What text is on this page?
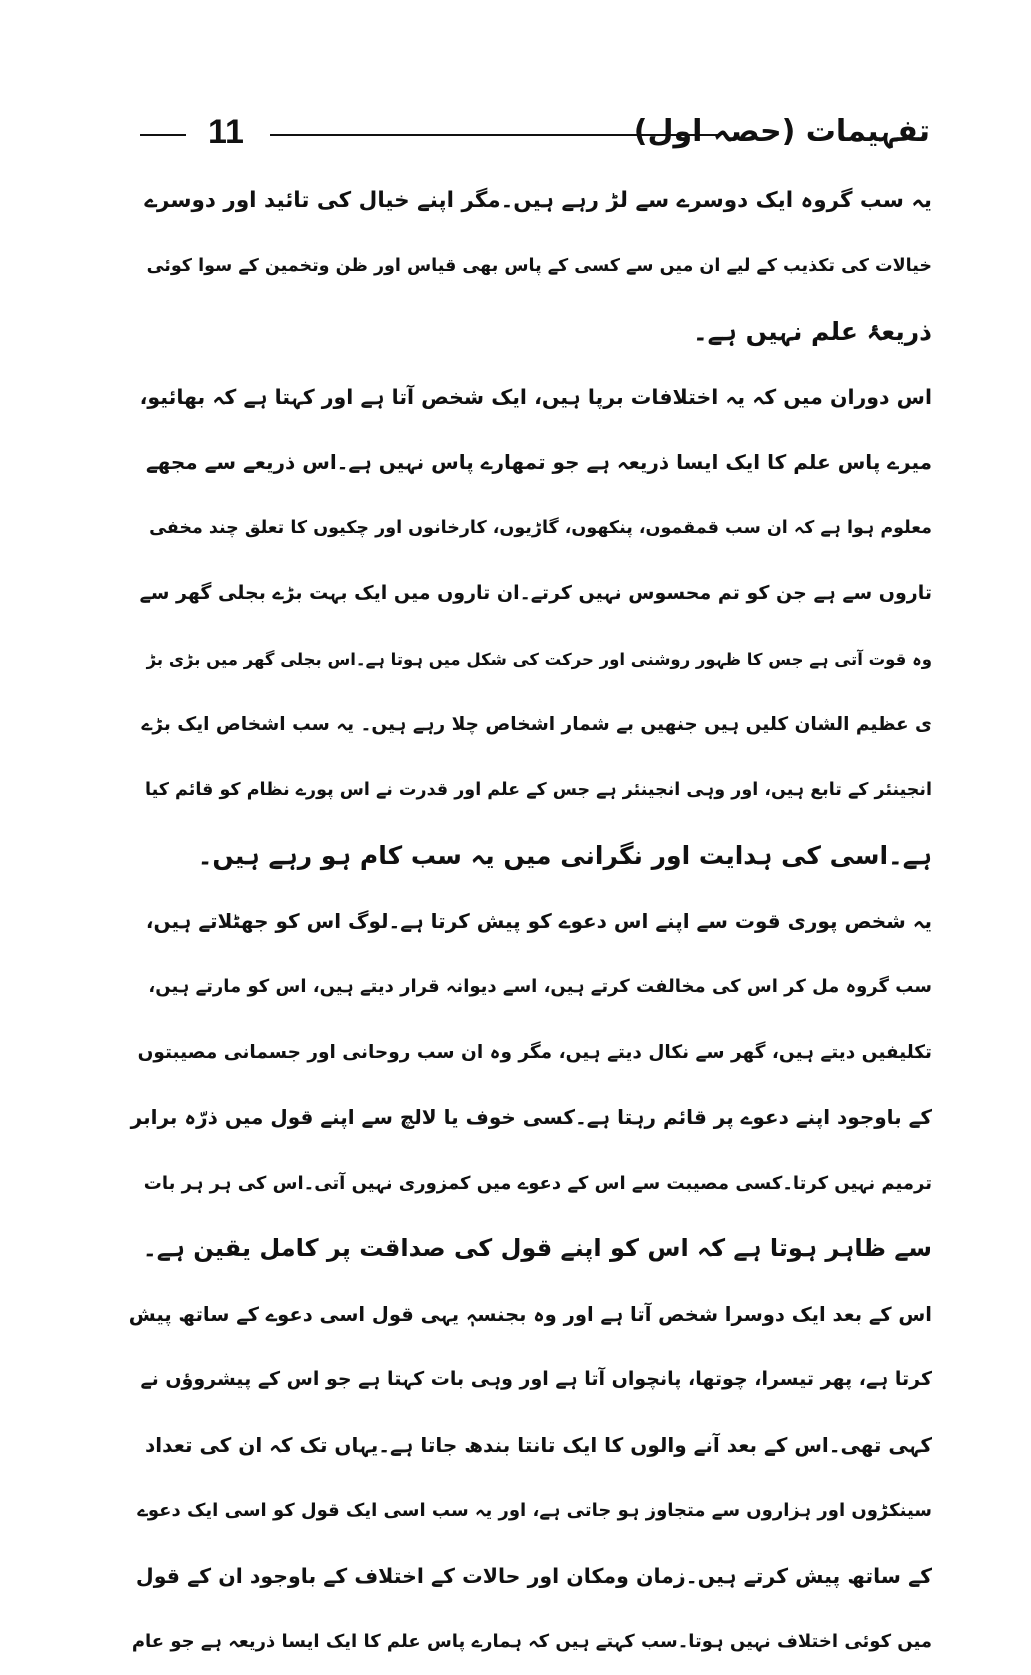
11	تفہیمات (حصہ اول)
یہ سب گروہ ایک دوسرے سے لڑ رہے ہیں۔مگر اپنے خیال کی تائید اور دوسرے
خیالات کی تکذیب کے لیے ان میں سے کسی کے پاس بھی قیاس اور ظن وتخمین کے سوا کوئی
ذریعۂ علم نہیں ہے۔
اس دوران میں کہ یہ اختلافات برپا ہیں، ایک شخص آتا ہے اور کہتا ہے کہ بھائیو،
میرے پاس علم کا ایک ایسا ذریعہ ہے جو تمھارے پاس نہیں ہے۔اس ذریعے سے مجھے
معلوم ہوا ہے کہ ان سب قمقموں، پنکھوں، گاڑیوں، کارخانوں اور چکیوں کا تعلق چند مخفی
تاروں سے ہے جن کو تم محسوس نہیں کرتے۔ان تاروں میں ایک بہت بڑے بجلی گھر سے
وہ قوت آتی ہے جس کا ظہور روشنی اور حرکت کی شکل میں ہوتا ہے۔اس بجلی گھر میں بڑی بڑ
ی عظیم الشان کلیں ہیں جنھیں بے شمار اشخاص چلا رہے ہیں۔ یہ سب اشخاص ایک بڑے
انجینئر کے تابع ہیں، اور وہی انجینئر ہے جس کے علم اور قدرت نے اس پورے نظام کو قائم کیا
ہے۔اسی کی ہدایت اور نگرانی میں یہ سب کام ہو رہے ہیں۔
یہ شخص پوری قوت سے اپنے اس دعوے کو پیش کرتا ہے۔لوگ اس کو جھٹلاتے ہیں،
سب گروہ مل کر اس کی مخالفت کرتے ہیں، اسے دیوانہ قرار دیتے ہیں، اس کو مارتے ہیں،
تکلیفیں دیتے ہیں، گھر سے نکال دیتے ہیں، مگر وہ ان سب روحانی اور جسمانی مصیبتوں
کے باوجود اپنے دعوے پر قائم رہتا ہے۔کسی خوف یا لالچ سے اپنے قول میں ذرّہ برابر
ترمیم نہیں کرتا۔کسی مصیبت سے اس کے دعوے میں کمزوری نہیں آتی۔اس کی ہر ہر بات
سے ظاہر ہوتا ہے کہ اس کو اپنے قول کی صداقت پر کامل یقین ہے۔
اس کے بعد ایک دوسرا شخص آتا ہے اور وہ بجنسہٖ یہی قول اسی دعوے کے ساتھ پیش
کرتا ہے، پھر تیسرا، چوتھا، پانچواں آتا ہے اور وہی بات کہتا ہے جو اس کے پیشروؤں نے
کہی تھی۔اس کے بعد آنے والوں کا ایک تانتا بندھ جاتا ہے۔یہاں تک کہ ان کی تعداد
سینکڑوں اور ہزاروں سے متجاوز ہو جاتی ہے، اور یہ سب اسی ایک قول کو اسی ایک دعوے
کے ساتھ پیش کرتے ہیں۔زمان ومکان اور حالات کے اختلاف کے باوجود ان کے قول
میں کوئی اختلاف نہیں ہوتا۔سب کہتے ہیں کہ ہمارے پاس علم کا ایک ایسا ذریعہ ہے جو عام
